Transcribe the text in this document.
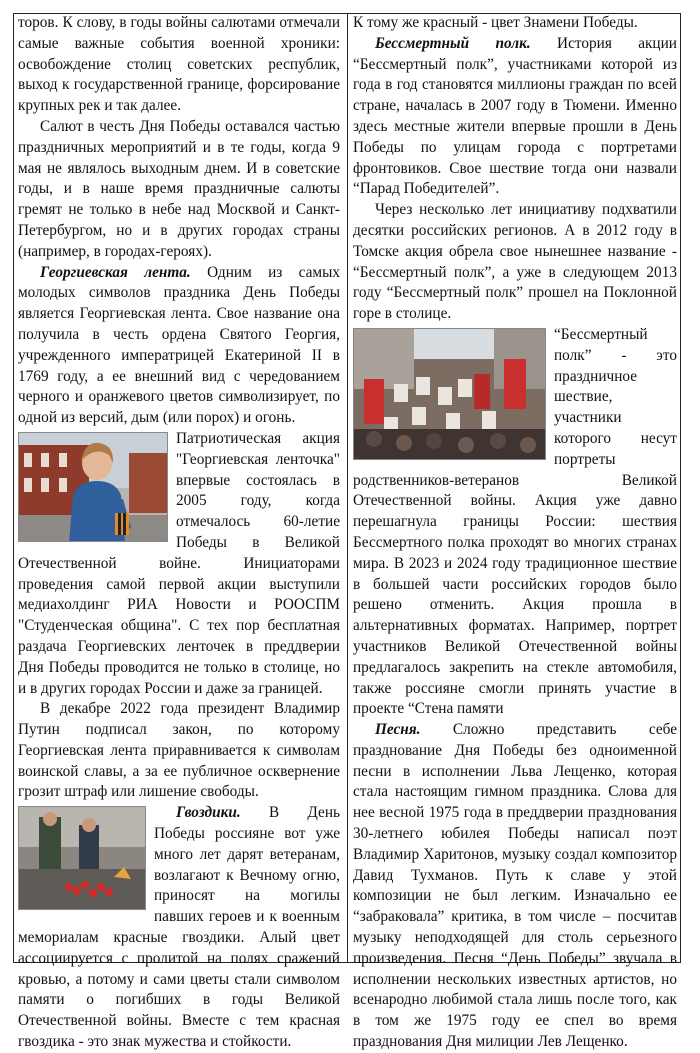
торов. К слову, в годы войны салютами отмечали самые важные события военной хроники: освобождение столиц советских республик, выход к государственной границе, форсирование крупных рек и так далее.

Салют в честь Дня Победы оставался частью праздничных мероприятий и в те годы, когда 9 мая не являлось выходным днем. И в советские годы, и в наше время праздничные салюты гремят не только в небе над Москвой и Санкт-Петербургом, но и в других городах страны (например, в городах-героях).

Георгиевская лента. Одним из самых молодых символов праздника День Победы является Георгиевская лента. Свое название она получила в честь ордена Святого Георгия, учрежденного императрицей Екатериной II в 1769 году, а ее внешний вид с чередованием черного и оранжевого цветов символизирует, по одной из версий, дым (или порох) и огонь.

Патриотическая акция "Георгиевская ленточка" впервые состоялась в 2005 году, когда отмечалось 60-летие Победы в Великой Отечественной войне. Инициаторами проведения самой первой акции выступили медиахолдинг РИА Новости и РООСПМ "Студенческая община". С тех пор бесплатная раздача Георгиевских ленточек в преддверии Дня Победы проводится не только в столице, но и в других городах России и даже за границей.

В декабре 2022 года президент Владимир Путин подписал закон, по которому Георгиевская лента приравнивается к символам воинской славы, а за ее публичное осквернение грозит штраф или лишение свободы.

Гвоздики. В День Победы россияне вот уже много лет дарят ветеранам, возлагают к Вечному огню, приносят на могилы павших героев и к военным мемориалам красные гвоздики. Алый цвет ассоциируется с пролитой на полях сражений кровью, а потому и сами цветы стали символом памяти о погибших в годы Великой Отечественной войны. Вместе с тем красная гвоздика - это знак мужества и стойкости.

К тому же красный - цвет Знамени Победы.

Бессмертный полк. История акции “Бессмертный полк”, участниками которой из года в год становятся миллионы граждан по всей стране, началась в 2007 году в Тюмени. Именно здесь местные жители впервые прошли в День Победы по улицам города с портретами фронтовиков. Свое шествие тогда они назвали “Парад Победителей”.

Через несколько лет инициативу подхватили десятки российских регионов. А в 2012 году в Томске акция обрела свое нынешнее название - “Бессмертный полк”, а уже в следующем 2013 году “Бессмертный полк” прошел на Поклонной горе в столице.

“Бессмертный полк” - это праздничное шествие, участники которого несут портреты родственников-ветеранов Великой Отечественной войны. Акция уже давно перешагнула границы России: шествия Бессмертного полка проходят во многих странах мира. В 2023 и 2024 году традиционное шествие в большей части российских городов было решено отменить. Акция прошла в альтернативных форматах. Например, портрет участников Великой Отечественной войны предлагалось закрепить на стекле автомобиля, также россияне смогли принять участие в проекте “Стена памяти

Песня. Сложно представить себе празднование Дня Победы без одноименной песни в исполнении Льва Лещенко, которая стала настоящим гимном праздника. Слова для нее весной 1975 года в преддверии празднования 30-летнего юбилея Победы написал поэт Владимир Харитонов, музыку создал композитор Давид Тухманов. Путь к славе у этой композиции не был легким. Изначально ее “забраковала” критика, в том числе – посчитав музыку неподходящей для столь серьезного произведения. Песня “День Победы” звучала в исполнении нескольких известных артистов, но всенародно любимой стала лишь после того, как в том же 1975 году ее спел во время празднования Дня милиции Лев Лещенко.
